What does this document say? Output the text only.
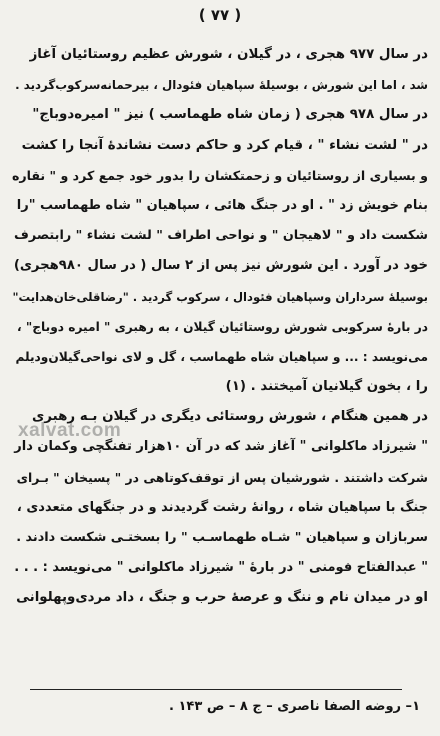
( ٧٧ )
در سال ۹۷۷ هجری ، در گیلان ، شورش عظیم روستائیان آغاز
شد ، اما این شورش ، بوسیله‌ٔ سپاهیان فئودال ، بیرحمانه‌سرکوب‌گردید .
در سال ۹۷۸ هجری ( زمان شاه طهماسب ) نیز " امیره‌دوباج"
در " لشت نشاء " ، قیام کرد و حاکم دست نشانده‌ٔ آنجا را کشت
و بسیاری از روستائیان و زحمتکشان را بدور خود جمع کرد و " نقاره
بنام خویش زد " . او در جنگ هائی ، سپاهیان " شاه طهماسب "را
شکست داد و " لاهیجان " و نواحی اطراف " لشت نشاء " رابتصرف
خود در آورد . این شورش نیز پس از ۲ سال ( در سال ۹۸۰هجری)
بوسیله‌ٔ سرداران وسپاهیان فئودال ، سرکوب گردید . "رضاقلی‌خان‌هدایت"
در باره‌ٔ سرکوبی شورش روستائیان گیلان ، به رهبری " امیره دوباج" ،
می‌نویسد : ... و سپاهیان شاه طهماسب ، گل و لای نواحی‌گیلان‌ودیلم
را ، بخون گیلانیان آمیختند . (۱)
در همین هنگام ، شورش روستائی دیگری در گیلان بـه رهبری
" شیرزاد ماکلوانی " آغاز شد که در آن ۱۰هزار تفنگچی وکمان دار
شرکت داشتند . شورشیان پس از توقف‌کوتاهی در " پسیخان " بـرای
جنگ با سپاهیان شاه ، روانه‌ٔ رشت گردیدند و در جنگهای متعددی ،
سربازان و سپاهیان " شـاه طهماسـب " را بسختـی شکست دادند .
" عبدالفتاح فومنی " در باره‌ٔ " شیرزاد ماکلوانی " می‌نویسد : . . .
او در میدان نام و ننگ و عرصه‌ٔ حرب و جنگ ، داد مردی‌وپهلوانی
xalvat.com
۱– روضه الصفا ناصری – ج ۸ – ص ۱۴۳ .
